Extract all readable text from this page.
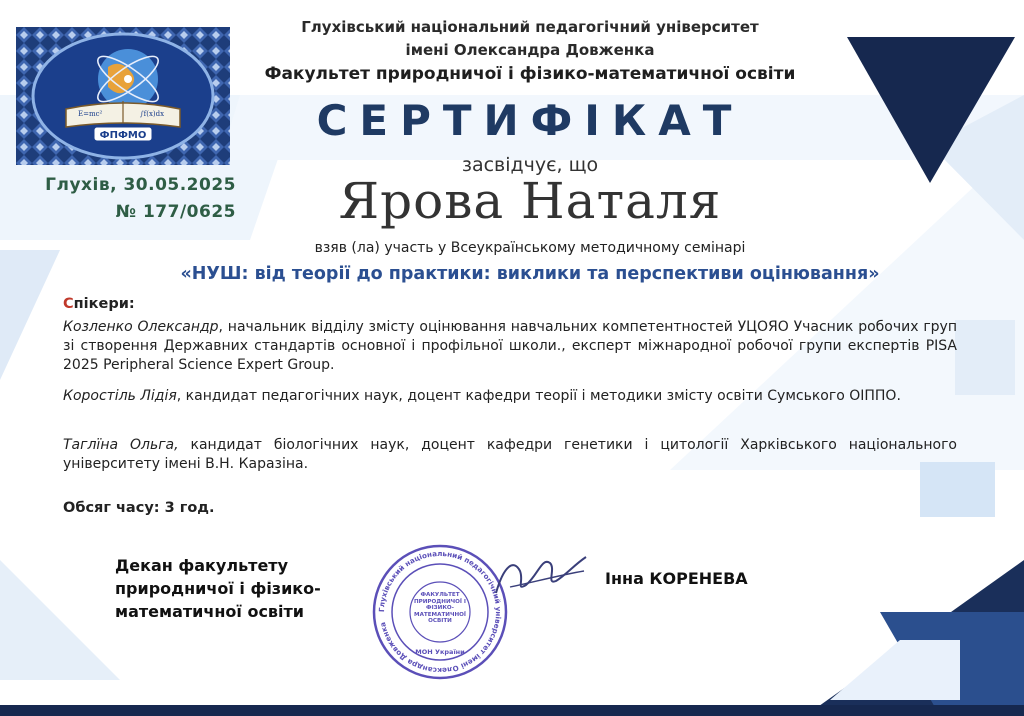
E=mc²	∫f(x)dx
ФПФМО
Глухівський національний педагогічний університет
імені Олександра Довженка
Факультет природничої і фізико-математичної освіти
Глухів, 30.05.2025
№ 177/0625
СЕРТИФІКАТ
засвідчує, що
Ярова Наталя
взяв (ла) участь у Всеукраїнському методичному семінарі
«НУШ: від теорії до практики: виклики та перспективи оцінювання»
Спікери:
Козленко Олександр, начальник відділу змісту оцінювання навчальних компетентностей УЦОЯО Учасник робочих груп зі створення Державних стандартів основної і профільної школи., експерт міжнародної робочої групи експертів PISA 2025 Peripheral Science Expert Group.
Коростіль Лідія, кандидат педагогічних наук, доцент кафедри теорії і методики змісту освіти Сумського ОІППО.
Таглїна Ольга, кандидат біологічних наук, доцент кафедри генетики і цитології Харківського національного університету імені В.Н. Каразіна.
Обсяг часу: 3 год.
Декан факультету природничої і фізико-математичної освіти	Глухівський національний педагогічний університет імені Олександра Довженка
ФАКУЛЬТЕТ ПРИРОДНИЧОЇ І ФІЗИКО-МАТЕМАТИЧНОЇ ОСВІТИ
МОН України
Інна КОРЕНЕВА
